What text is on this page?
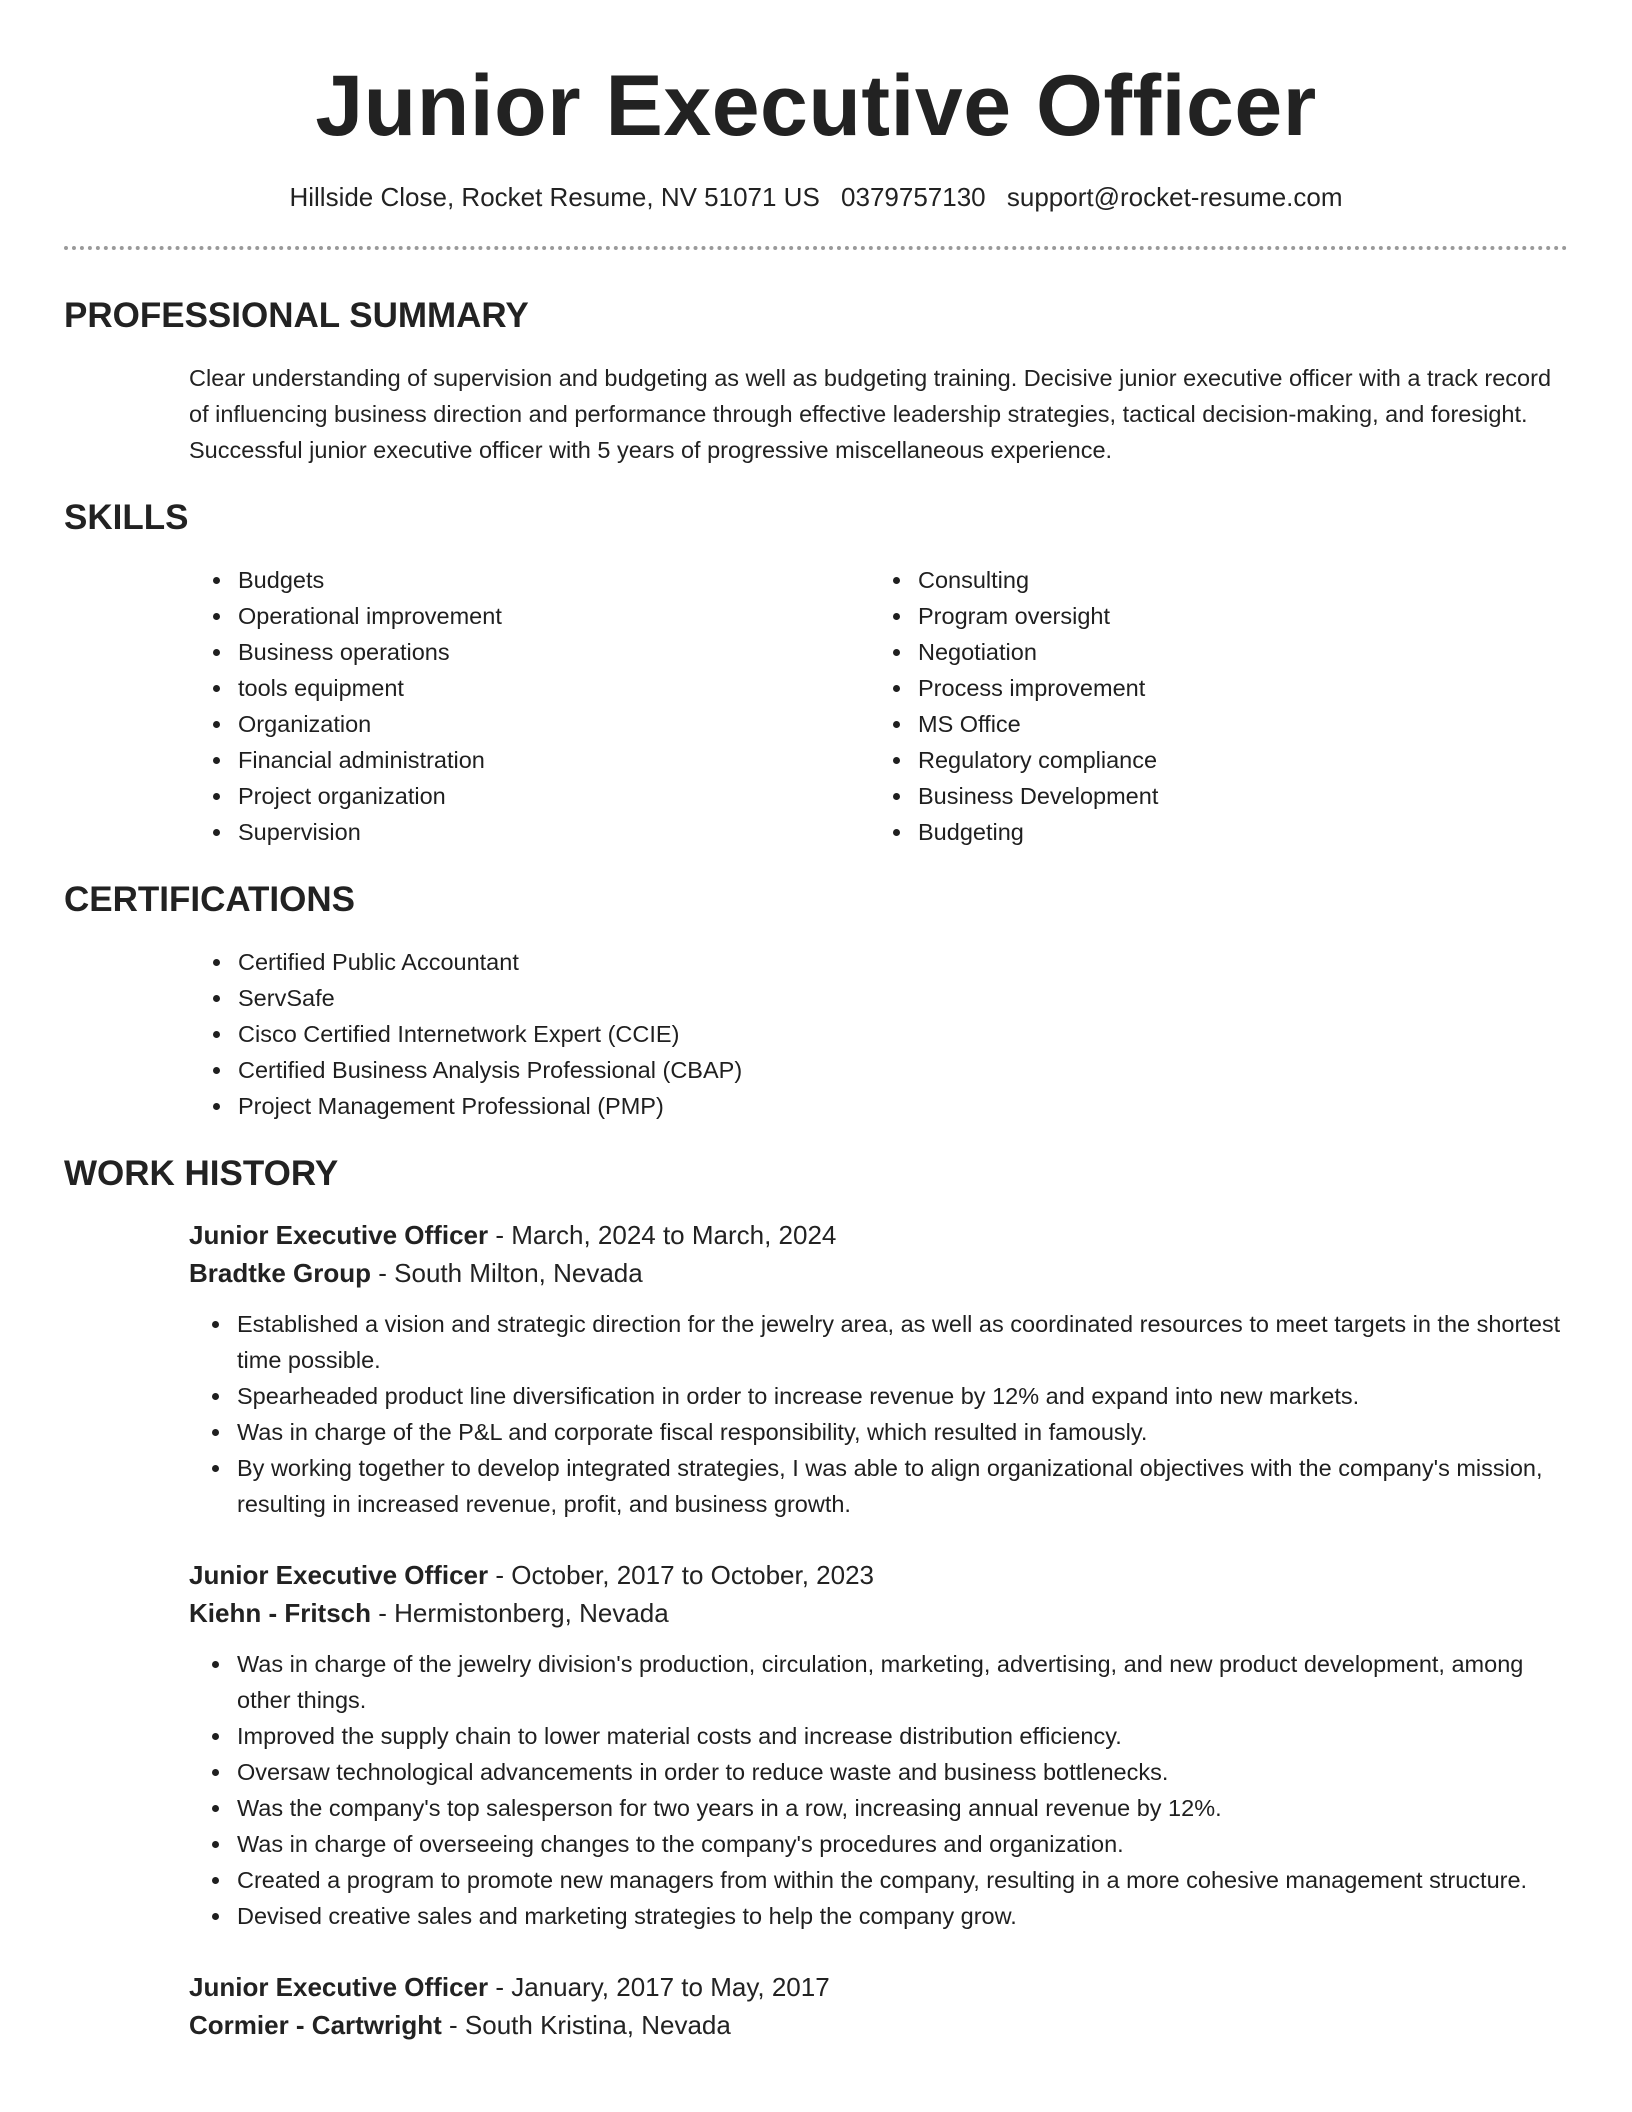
Junior Executive Officer
Hillside Close, Rocket Resume, NV 51071 US 0379757130 support@rocket-resume.com
PROFESSIONAL SUMMARY

Clear understanding of supervision and budgeting as well as budgeting training. Decisive junior executive officer with a track record of influencing business direction and performance through effective leadership strategies, tactical decision-making, and foresight. Successful junior executive officer with 5 years of progressive miscellaneous experience.

SKILLS
• Budgets
• Operational improvement
• Business operations
• tools equipment
• Organization
• Financial administration
• Project organization
• Supervision
• Consulting
• Program oversight
• Negotiation
• Process improvement
• MS Office
• Regulatory compliance
• Business Development
• Budgeting
CERTIFICATIONS
• Certified Public Accountant
• ServSafe
• Cisco Certified Internetwork Expert (CCIE)
• Certified Business Analysis Professional (CBAP)
• Project Management Professional (PMP)
WORK HISTORY
Junior Executive Officer - March, 2024 to March, 2024
Bradtke Group - South Milton, Nevada
• Established a vision and strategic direction for the jewelry area, as well as coordinated resources to meet targets in the shortest time possible.
• Spearheaded product line diversification in order to increase revenue by 12% and expand into new markets.
• Was in charge of the P&L and corporate fiscal responsibility, which resulted in famously.
• By working together to develop integrated strategies, I was able to align organizational objectives with the company's mission, resulting in increased revenue, profit, and business growth.
Junior Executive Officer - October, 2017 to October, 2023
Kiehn - Fritsch - Hermistonberg, Nevada
• Was in charge of the jewelry division's production, circulation, marketing, advertising, and new product development, among other things.
• Improved the supply chain to lower material costs and increase distribution efficiency.
• Oversaw technological advancements in order to reduce waste and business bottlenecks.
• Was the company's top salesperson for two years in a row, increasing annual revenue by 12%.
• Was in charge of overseeing changes to the company's procedures and organization.
• Created a program to promote new managers from within the company, resulting in a more cohesive management structure.
• Devised creative sales and marketing strategies to help the company grow.
Junior Executive Officer - January, 2017 to May, 2017
Cormier - Cartwright - South Kristina, Nevada
